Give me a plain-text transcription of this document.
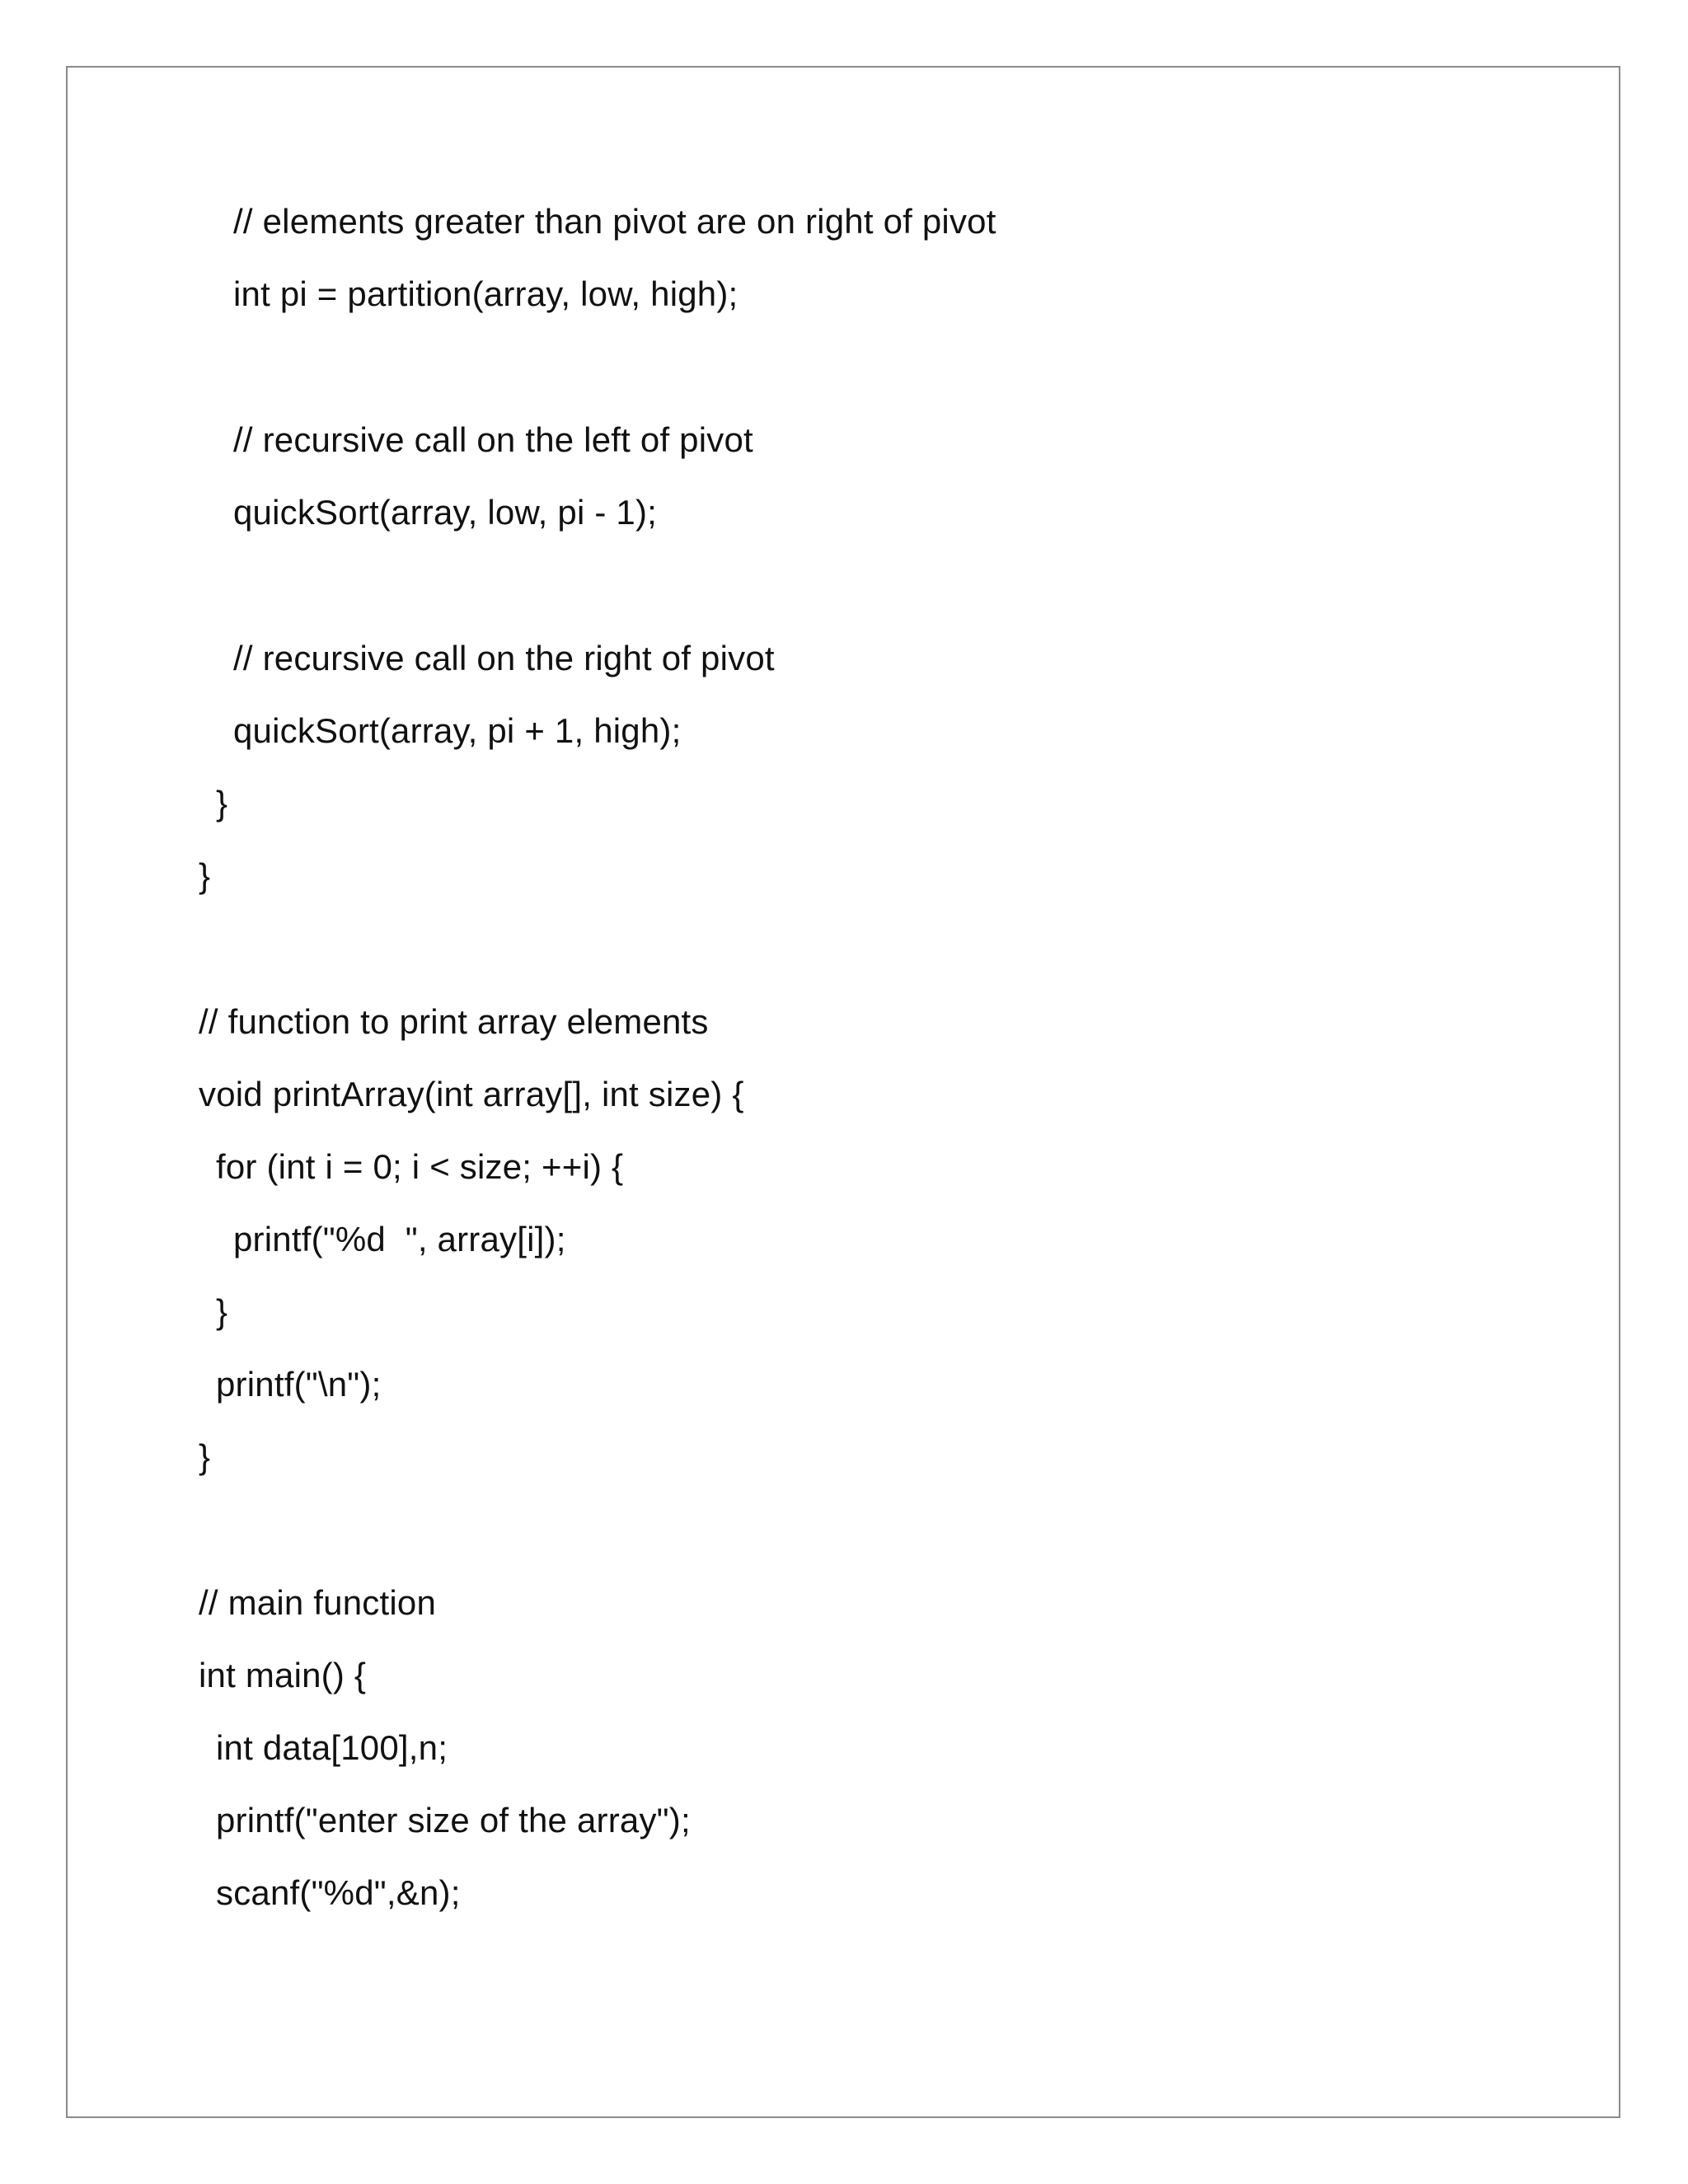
// elements greater than pivot are on right of pivot
int pi = partition(array, low, high);
// recursive call on the left of pivot
quickSort(array, low, pi - 1);
// recursive call on the right of pivot
quickSort(array, pi + 1, high);
}
}
// function to print array elements
void printArray(int array[], int size) {
for (int i = 0; i < size; ++i) {
printf("%d  ", array[i]);
}
printf("\n");
}
// main function
int main() {
int data[100],n;
printf("enter size of the array");
scanf("%d",&n);
